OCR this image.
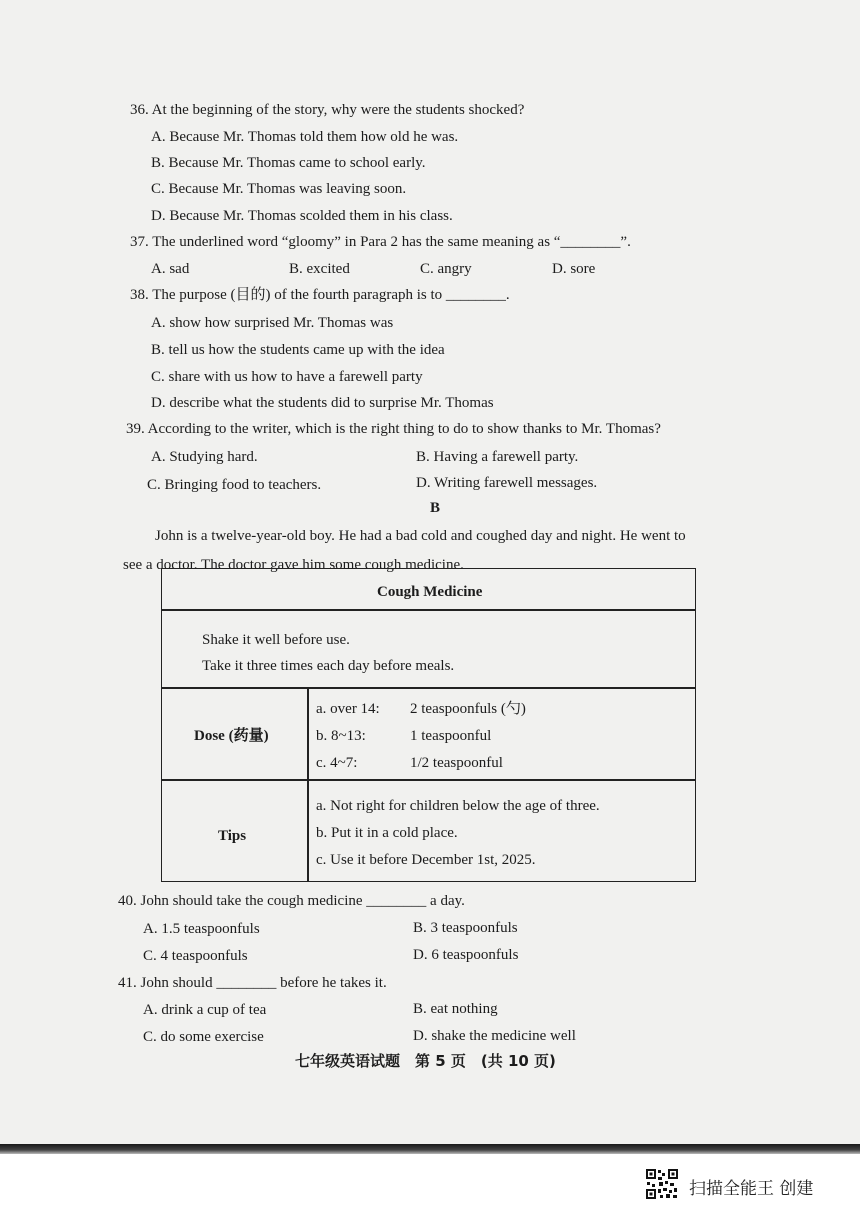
36. At the beginning of the story, why were the students shocked?
A. Because Mr. Thomas told them how old he was.
B. Because Mr. Thomas came to school early.
C. Because Mr. Thomas was leaving soon.
D. Because Mr. Thomas scolded them in his class.
37. The underlined word “gloomy” in Para 2 has the same meaning as “________”.
A. sad	B. excited	C. angry	D. sore
38. The purpose (目的) of the fourth paragraph is to ________.
A. show how surprised Mr. Thomas was
B. tell us how the students came up with the idea
C. share with us how to have a farewell party
D. describe what the students did to surprise Mr. Thomas
39. According to the writer, which is the right thing to do to show thanks to Mr. Thomas?
A. Studying hard.	B. Having a farewell party.
C. Bringing food to teachers.	D. Writing farewell messages.
B
John is a twelve-year-old boy. He had a bad cold and coughed day and night. He went to
see a doctor. The doctor gave him some cough medicine.
Cough Medicine
Shake it well before use.
Take it three times each day before meals.
Dose (药量)
a. over 14: 2 teaspoonfuls (勺)
b. 8~13:	1 teaspoonful
c. 4~7:	1/2 teaspoonful
Tips
a. Not right for children below the age of three.
b. Put it in a cold place.
c. Use it before December 1st, 2025.
40. John should take the cough medicine ________ a day.
A. 1.5 teaspoonfuls	B. 3 teaspoonfuls
C. 4 teaspoonfuls	D. 6 teaspoonfuls
41. John should ________ before he takes it.
A. drink a cup of tea	B. eat nothing
C. do some exercise	D. shake the medicine well
七年级英语试题　第 5 页　(共 10 页)
扫描全能王 创建
